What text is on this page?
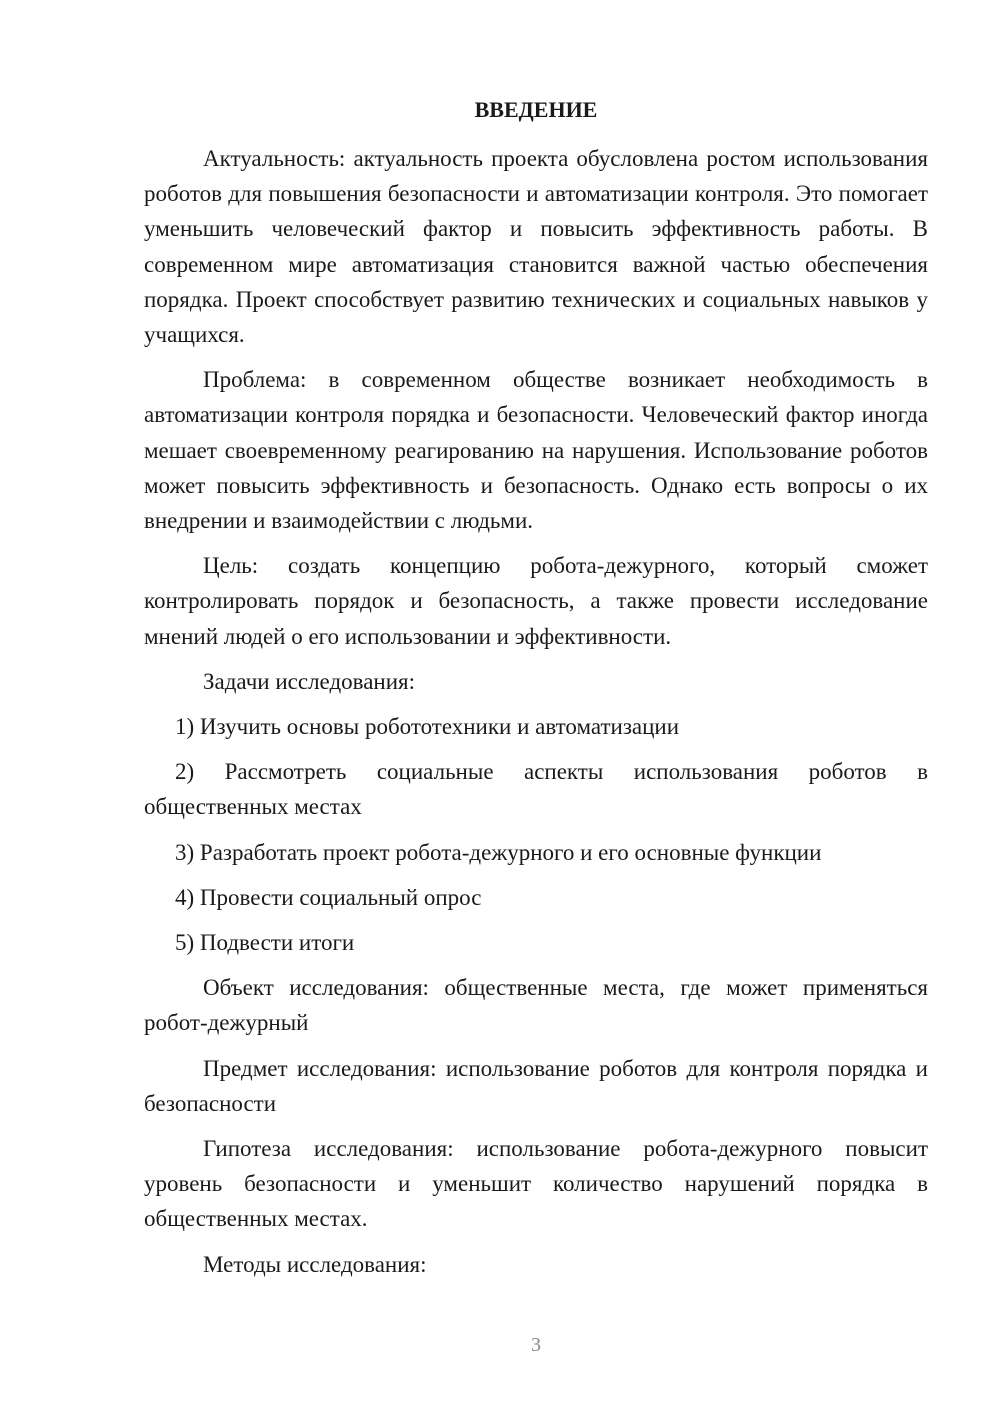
ВВЕДЕНИЕ

Актуальность: актуальность проекта обусловлена ростом использования роботов для повышения безопасности и автоматизации контроля. Это помогает уменьшить человеческий фактор и повысить эффективность работы. В современном мире автоматизация становится важной частью обеспечения порядка. Проект способствует развитию технических и социальных навыков у учащихся.

Проблема: в современном обществе возникает необходимость в автоматизации контроля порядка и безопасности. Человеческий фактор иногда мешает своевременному реагированию на нарушения. Использование роботов может повысить эффективность и безопасность. Однако есть вопросы о их внедрении и взаимодействии с людьми.

Цель: создать концепцию робота-дежурного, который сможет контролировать порядок и безопасность, а также провести исследование мнений людей о его использовании и эффективности.

Задачи исследования:

1) Изучить основы робототехники и автоматизации

2) Рассмотреть социальные аспекты использования роботов в общественных местах

3) Разработать проект робота-дежурного и его основные функции

4) Провести социальный опрос

5) Подвести итоги

Объект исследования: общественные места, где может применяться робот-дежурный

Предмет исследования: использование роботов для контроля порядка и безопасности

Гипотеза исследования: использование робота-дежурного повысит уровень безопасности и уменьшит количество нарушений порядка в общественных местах.

Методы исследования:

3
